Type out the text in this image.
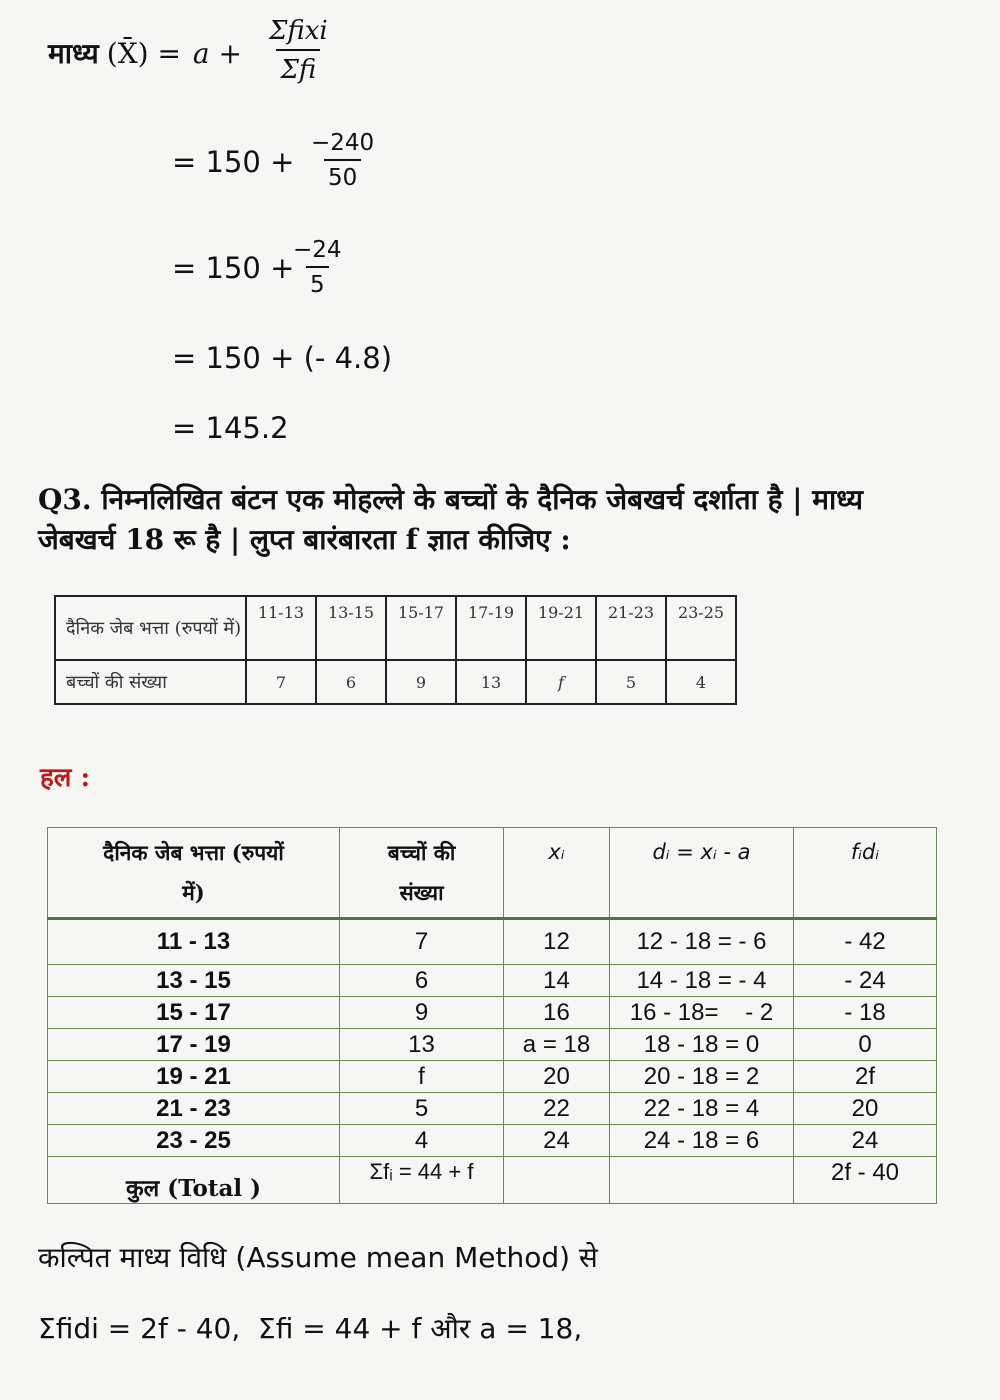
माध्य (X̄) = a +
Σfixi
Σfi
= $150 + \frac{-240}{50}$
= 150 +
$\frac{-24}{5}$
= 150 + (- 4.8)
= 145.2
Q3. निम्नलिखित बंटन एक मोहल्ले के बच्चों के दैनिक जेबखर्च दर्शाता है | माध्य
जेबखर्च 18 रू है | लुप्त बारंबारता f ज्ञात कीजिए :
दैनिक जेब भत्ता (रुपयों में)	11-13	13-15	15-17	17-19	19-21	21-23	23-25
बच्चों की संख्या	7	6	9	13	f	5	4
हल :
दैनिक जेब भत्ता (रुपयों में)	बच्चों की संख्या	xᵢ	dᵢ = xᵢ - a	fᵢdᵢ
11 - 13	7	12	12 - 18 = - 6	- 42
13 - 15	6	14	14 - 18 = - 4	- 24
15 - 17	9	16	16 - 18=    - 2	- 18
17 - 19	13	a = 18	18 - 18 = 0	0
19 - 21	f	20	20 - 18 = 2	2f
21 - 23	5	22	22 - 18 = 4	20
23 - 25	4	24	24 - 18 = 6	24
कुल (Total )	Σfᵢ = 44 + f			2f - 40
कल्पित माध्य विधि (Assume mean Method) से
Σfidi = 2f - 40,  Σfi = 44 + f और a = 18,
